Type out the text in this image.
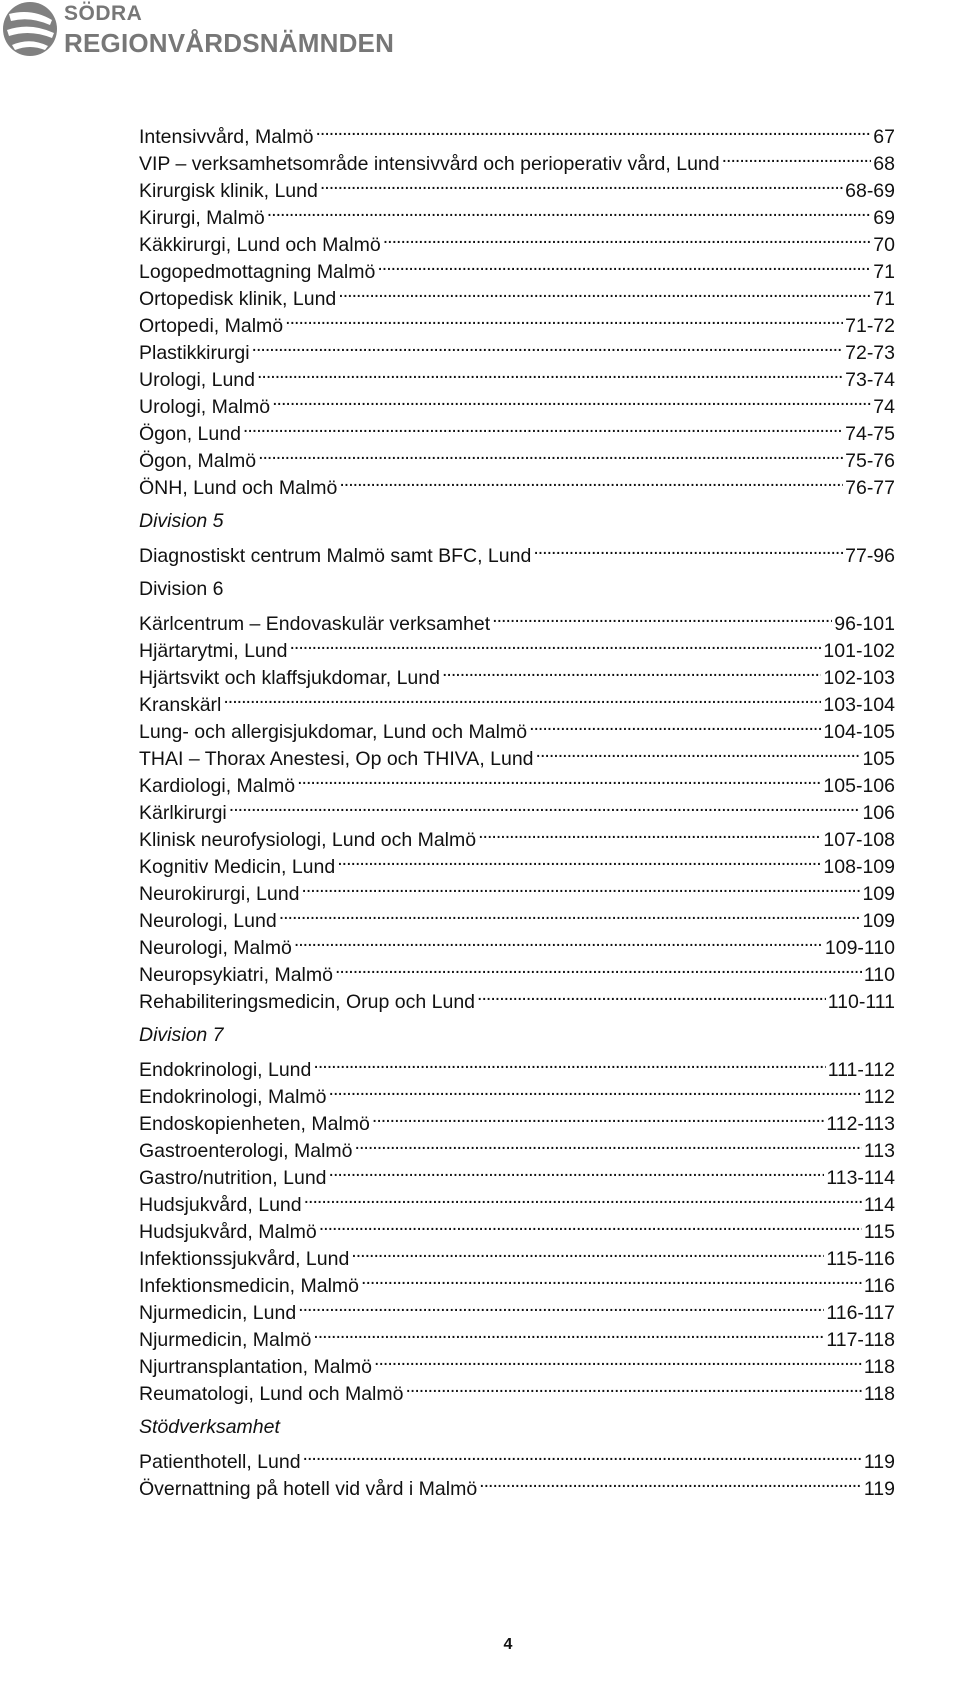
SÖDRA
REGIONVÅRDSNÄMNDEN
Intensivvård, Malmö . . .	67
VIP – verksamhetsområde intensivvård och perioperativ vård, Lund . . .	68
Kirurgisk klinik, Lund . . .	68-69
Kirurgi, Malmö . . .	69
Käkkirurgi, Lund och Malmö . . .	70
Logopedmottagning Malmö . . .	71
Ortopedisk klinik, Lund . . .	71
Ortopedi, Malmö . . .	71-72
Plastikkirurgi . . .	72-73
Urologi, Lund . . .	73-74
Urologi, Malmö . . .	74
Ögon, Lund . . .	74-75
Ögon, Malmö . . .	75-76
ÖNH, Lund och Malmö . . .	76-77
Division 5
Diagnostiskt centrum Malmö samt BFC, Lund . . .	77-96
Division 6
Kärlcentrum – Endovaskulär verksamhet . . .	96-101
Hjärtarytmi, Lund . . .	101-102
Hjärtsvikt och klaffsjukdomar, Lund . . .	102-103
Kranskärl . . .	103-104
Lung- och allergisjukdomar, Lund och Malmö . . .	104-105
THAI – Thorax Anestesi, Op och THIVA, Lund . . .	105
Kardiologi, Malmö . . .	105-106
Kärlkirurgi . . .	106
Klinisk neurofysiologi, Lund och Malmö . . .	107-108
Kognitiv Medicin, Lund . . .	108-109
Neurokirurgi, Lund . . .	109
Neurologi, Lund . . .	109
Neurologi, Malmö . . .	109-110
Neuropsykiatri, Malmö . . .	110
Rehabiliteringsmedicin, Orup och Lund . . .	110-111
Division 7
Endokrinologi, Lund . . .	111-112
Endokrinologi, Malmö . . .	112
Endoskopienheten, Malmö . . .	112-113
Gastroenterologi, Malmö . . .	113
Gastro/nutrition, Lund . . .	113-114
Hudsjukvård, Lund . . .	114
Hudsjukvård, Malmö . . .	115
Infektionssjukvård, Lund . . .	115-116
Infektionsmedicin, Malmö . . .	116
Njurmedicin, Lund . . .	116-117
Njurmedicin, Malmö . . .	117-118
Njurtransplantation, Malmö . . .	118
Reumatologi, Lund och Malmö . . .	118
Stödverksamhet
Patienthotell, Lund . . .	119
Övernattning på hotell vid vård i Malmö . . .	119
4
